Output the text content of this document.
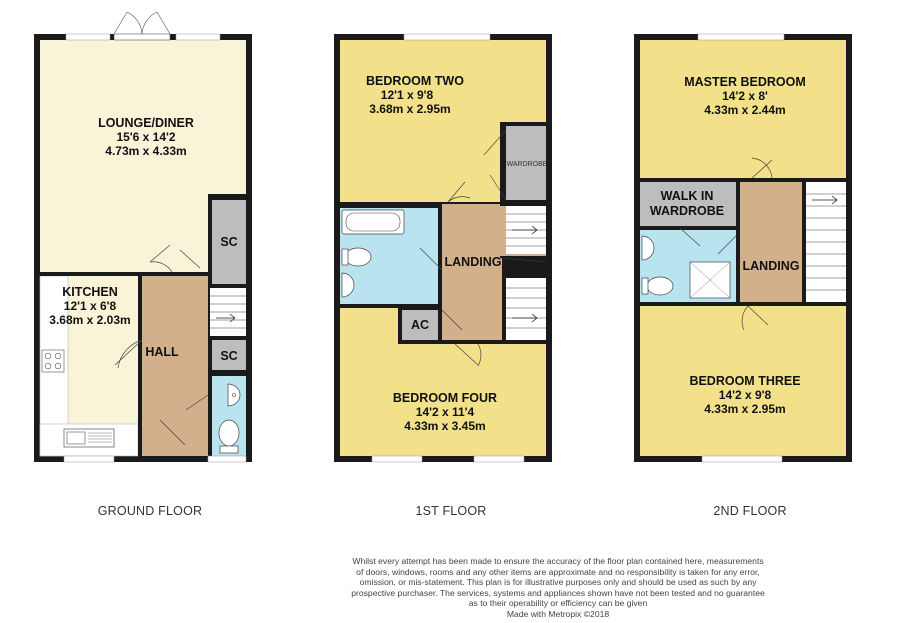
LOUNGE/DINER
15'6 x 14'2
4.73m x 4.33m
KITCHEN
12'1 x 6'8
3.68m x 2.03m
HALL
SC
SC
BEDROOM TWO
12'1 x 9'8
3.68m x 2.95m
WARDROBE
LANDING
AC
BEDROOM FOUR
14'2 x 11'4
4.33m x 3.45m
MASTER BEDROOM
14'2 x 8'
4.33m x 2.44m
WALK IN
WARDROBE
LANDING
BEDROOM THREE
14'2 x 9'8
4.33m x 2.95m
GROUND FLOOR	1ST FLOOR	2ND FLOOR
Whilst every attempt has been made to ensure the accuracy of the floor plan contained here, measurements
of doors, windows, rooms and any other items are approximate and no responsibility is taken for any error,
omission, or mis-statement. This plan is for illustrative purposes only and should be used as such by any
prospective purchaser. The services, systems and appliances shown have not been tested and no guarantee
as to their operability or efficiency can be given
Made with Metropix ©2018
